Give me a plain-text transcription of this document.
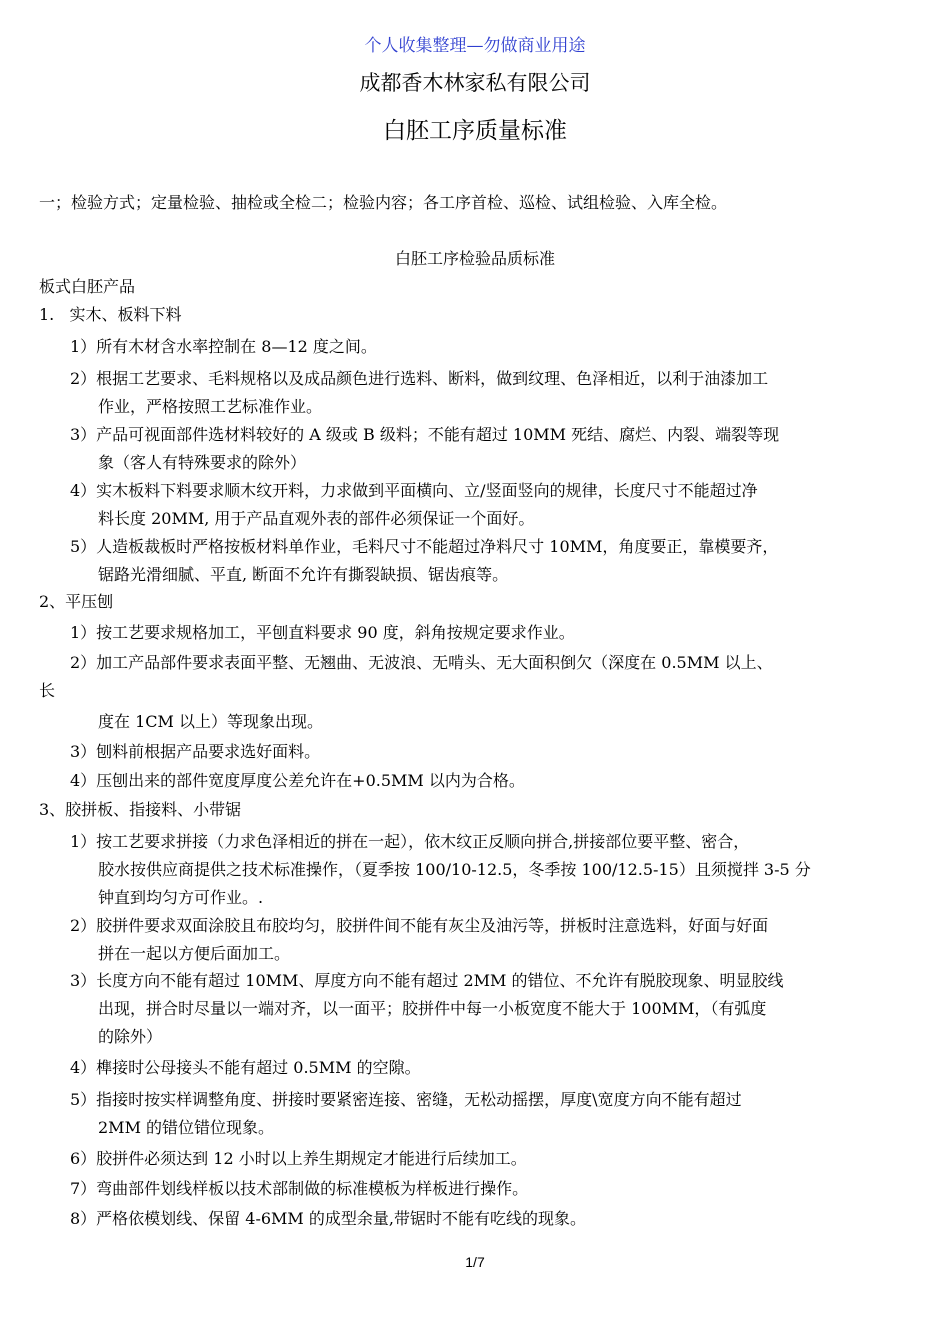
个人收集整理—勿做商业用途
成都香木林家私有限公司
白胚工序质量标准
一；检验方式；定量检验、抽检或全检二；检验内容；各工序首检、巡检、试组检验、入库全检。
白胚工序检验品质标准
板式白胚产品
1.   实木、板料下料
1）所有木材含水率控制在 8—12 度之间。
2）根据工艺要求、毛料规格以及成品颜色进行选料、断料，做到纹理、色泽相近，以利于油漆加工
作业，严格按照工艺标准作业。
3）产品可视面部件选材料较好的 A 级或 B 级料；不能有超过 10MM 死结、腐烂、内裂、端裂等现
象（客人有特殊要求的除外）
4）实木板料下料要求顺木纹开料，力求做到平面横向、立/竖面竖向的规律，长度尺寸不能超过净
料长度 20MM, 用于产品直观外表的部件必须保证一个面好。
5）人造板裁板时严格按板材料单作业，毛料尺寸不能超过净料尺寸 10MM，角度要正，靠模要齐，
锯路光滑细腻、平直, 断面不允许有撕裂缺损、锯齿痕等。
2、平压刨
1）按工艺要求规格加工，平刨直料要求 90 度，斜角按规定要求作业。
2）加工产品部件要求表面平整、无翘曲、无波浪、无啃头、无大面积倒欠（深度在 0.5MM 以上、
长
度在 1CM 以上）等现象出现。
3）刨料前根据产品要求选好面料。
4）压刨出来的部件宽度厚度公差允许在+0.5MM 以内为合格。
3、胶拼板、指接料、小带锯
1）按工艺要求拼接（力求色泽相近的拼在一起），依木纹正反顺向拼合,拼接部位要平整、密合，
胶水按供应商提供之技术标准操作，（夏季按 100/10-12.5，冬季按 100/12.5-15）且须搅拌 3-5 分
钟直到均匀方可作业。.
2）胶拼件要求双面涂胶且布胶均匀，胶拼件间不能有灰尘及油污等，拼板时注意选料，好面与好面
拼在一起以方便后面加工。
3）长度方向不能有超过 10MM、厚度方向不能有超过 2MM 的错位、不允许有脱胶现象、明显胶线
出现，拼合时尽量以一端对齐，以一面平；胶拼件中每一小板宽度不能大于 100MM，（有弧度
的除外）
4）榫接时公母接头不能有超过 0.5MM 的空隙。
5）指接时按实样调整角度、拼接时要紧密连接、密缝，无松动摇摆，厚度\宽度方向不能有超过
2MM 的错位错位现象。
6）胶拼件必须达到 12 小时以上养生期规定才能进行后续加工。
7）弯曲部件划线样板以技术部制做的标准模板为样板进行操作。
8）严格依模划线、保留 4-6MM 的成型余量,带锯时不能有吃线的现象。
1/7
